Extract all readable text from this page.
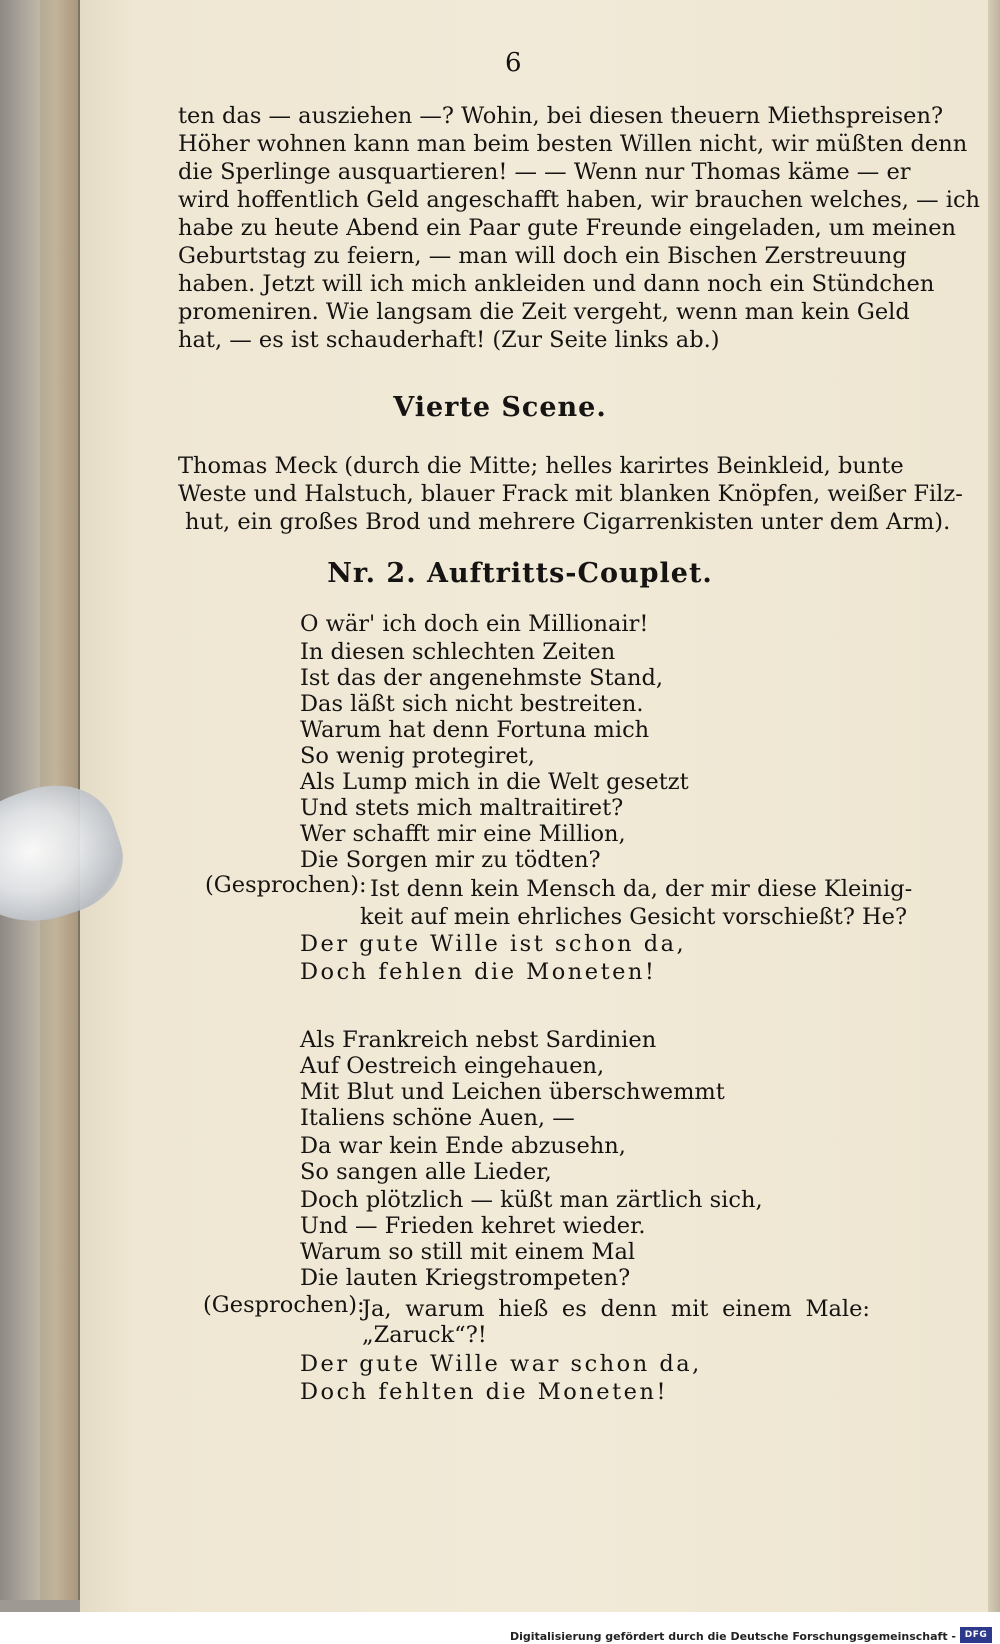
6
ten das — ausziehen —? Wohin, bei diesen theuern Miethspreisen?
Höher wohnen kann man beim besten Willen nicht, wir müßten denn
die Sperlinge ausquartieren! — — Wenn nur Thomas käme — er
wird hoffentlich Geld angeschafft haben, wir brauchen welches, — ich
habe zu heute Abend ein Paar gute Freunde eingeladen, um meinen
Geburtstag zu feiern, — man will doch ein Bischen Zerstreuung
haben. Jetzt will ich mich ankleiden und dann noch ein Stündchen
promeniren. Wie langsam die Zeit vergeht, wenn man kein Geld
hat, — es ist schauderhaft! (Zur Seite links ab.)
Vierte Scene.
Thomas Meck (durch die Mitte; helles karirtes Beinkleid, bunte
Weste und Halstuch, blauer Frack mit blanken Knöpfen, weißer Filz-
hut, ein großes Brod und mehrere Cigarrenkisten unter dem Arm).
Nr. 2. Auftritts-Couplet.
O wär' ich doch ein Millionair!
In diesen schlechten Zeiten
Ist das der angenehmste Stand,
Das läßt sich nicht bestreiten.
Warum hat denn Fortuna mich
So wenig protegiret,
Als Lump mich in die Welt gesetzt
Und stets mich maltraitiret?
Wer schafft mir eine Million,
Die Sorgen mir zu tödten?
(Gesprochen): Ist denn kein Mensch da, der mir diese Kleinig-
keit auf mein ehrliches Gesicht vorschießt? He?
Der gute Wille ist schon da,
Doch fehlen die Moneten!
Als Frankreich nebst Sardinien
Auf Oestreich eingehauen,
Mit Blut und Leichen überschwemmt
Italiens schöne Auen, —
Da war kein Ende abzusehn,
So sangen alle Lieder,
Doch plötzlich — küßt man zärtlich sich,
Und — Frieden kehret wieder.
Warum so still mit einem Mal
Die lauten Kriegstrompeten?
(Gesprochen):
Ja, warum hieß es denn mit einem Male:
„Zaruck“?!
Der gute Wille war schon da,
Doch fehlten die Moneten!
Digitalisierung gefördert durch die Deutsche Forschungsgemeinschaft - DFG
